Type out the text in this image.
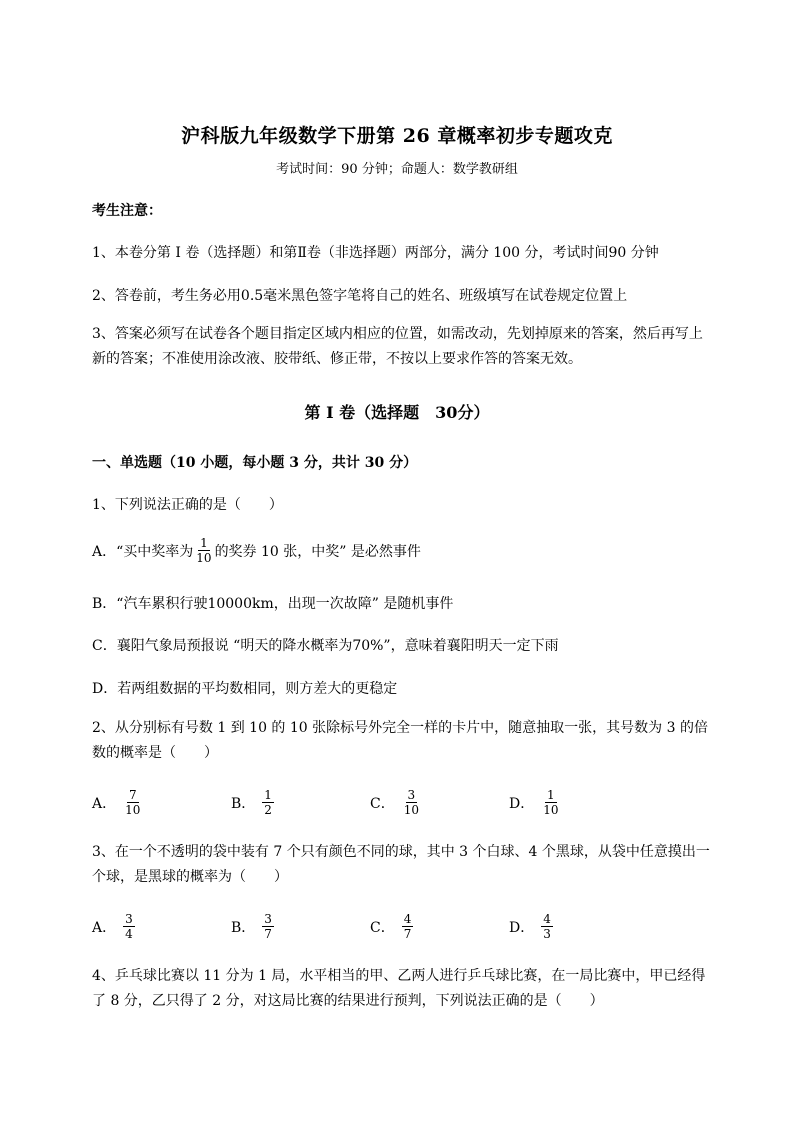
沪科版九年级数学下册第 26 章概率初步专题攻克
考试时间：90 分钟；命题人：数学教研组
考生注意：
1、本卷分第 I 卷（选择题）和第Ⅱ卷（非选择题）两部分，满分 100 分，考试时间90 分钟
2、答卷前，考生务必用0.5毫米黑色签字笔将自己的姓名、班级填写在试卷规定位置上
3、答案必须写在试卷各个题目指定区域内相应的位置，如需改动，先划掉原来的答案，然后再写上新的答案；不准使用涂改液、胶带纸、修正带，不按以上要求作答的答案无效。
第 I 卷（选择题　30分）
一、单选题（10 小题，每小题 3 分，共计 30 分）
1、下列说法正确的是（　　）
A．“买中奖率为 $\frac{1}{10}$ 的奖券 10 张，中奖” 是必然事件
B．“汽车累积行驶10000km，出现一次故障” 是随机事件
C．襄阳气象局预报说 “明天的降水概率为70%”，意味着襄阳明天一定下雨
D．若两组数据的平均数相同，则方差大的更稳定
2、从分别标有号数 1 到 10 的 10 张除标号外完全一样的卡片中，随意抽取一张，其号数为 3 的倍数的概率是（　　）
A． $\frac{7}{10}$	B． $\frac{1}{2}$	C． $\frac{3}{10}$	D． $\frac{1}{10}$
3、在一个不透明的袋中装有 7 个只有颜色不同的球，其中 3 个白球、4 个黑球，从袋中任意摸出一个球，是黑球的概率为（　　）
A． $\frac{3}{4}$	B． $\frac{3}{7}$	C． $\frac{4}{7}$	D． $\frac{4}{3}$
4、乒乓球比赛以 11 分为 1 局，水平相当的甲、乙两人进行乒乓球比赛，在一局比赛中，甲已经得了 8 分，乙只得了 2 分，对这局比赛的结果进行预判，下列说法正确的是（　　）
